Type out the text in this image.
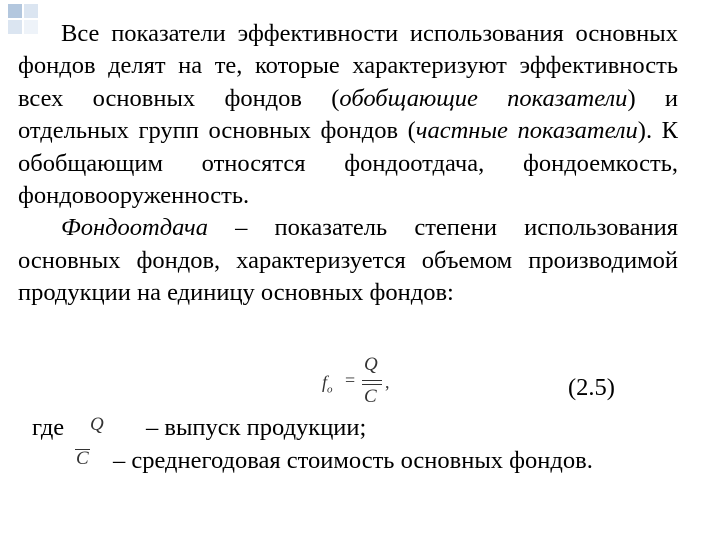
Все показатели эффективности использования основных фондов делят на те, которые характеризуют эффективность всех основных фондов (обобщающие показатели) и отдельных групп основных фондов (частные показатели). К обобщающим относятся фондоотдача, фондоемкость, фондовооруженность.

Фондоотдача – показатель степени использования основных фондов, характеризуется объемом производимой продукции на единицу основных фондов:

$f_o$ =
Q
C
,	(2.5)
где Q – выпуск продукции;
C – среднегодовая стоимость основных фондов.
